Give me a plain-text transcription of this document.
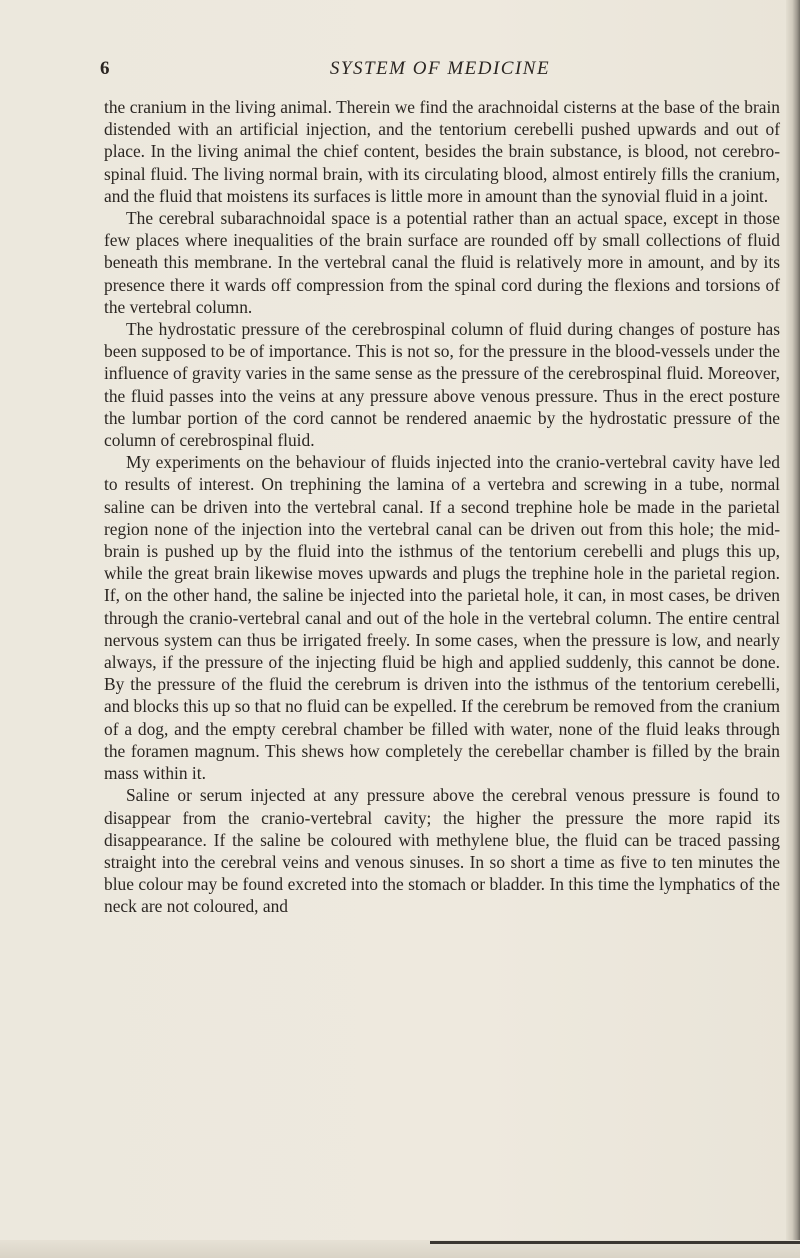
6	SYSTEM OF MEDICINE

the cranium in the living animal. Therein we find the arachnoidal cisterns at the base of the brain distended with an artificial injection, and the tentorium cerebelli pushed upwards and out of place. In the living animal the chief content, besides the brain substance, is blood, not cerebro-spinal fluid. The living normal brain, with its circulating blood, almost entirely fills the cranium, and the fluid that moistens its surfaces is little more in amount than the synovial fluid in a joint.

The cerebral subarachnoidal space is a potential rather than an actual space, except in those few places where inequalities of the brain surface are rounded off by small collections of fluid beneath this membrane. In the vertebral canal the fluid is relatively more in amount, and by its presence there it wards off compression from the spinal cord during the flexions and torsions of the vertebral column.

The hydrostatic pressure of the cerebrospinal column of fluid during changes of posture has been supposed to be of importance. This is not so, for the pressure in the blood-vessels under the influence of gravity varies in the same sense as the pressure of the cerebrospinal fluid. Moreover, the fluid passes into the veins at any pressure above venous pressure. Thus in the erect posture the lumbar portion of the cord cannot be rendered anaemic by the hydrostatic pressure of the column of cerebrospinal fluid.

My experiments on the behaviour of fluids injected into the cranio-vertebral cavity have led to results of interest. On trephining the lamina of a vertebra and screwing in a tube, normal saline can be driven into the vertebral canal. If a second trephine hole be made in the parietal region none of the injection into the vertebral canal can be driven out from this hole; the mid-brain is pushed up by the fluid into the isthmus of the tentorium cerebelli and plugs this up, while the great brain likewise moves upwards and plugs the trephine hole in the parietal region. If, on the other hand, the saline be injected into the parietal hole, it can, in most cases, be driven through the cranio-vertebral canal and out of the hole in the vertebral column. The entire central nervous system can thus be irrigated freely. In some cases, when the pressure is low, and nearly always, if the pressure of the injecting fluid be high and applied suddenly, this cannot be done. By the pressure of the fluid the cerebrum is driven into the isthmus of the tentorium cerebelli, and blocks this up so that no fluid can be expelled. If the cerebrum be removed from the cranium of a dog, and the empty cerebral chamber be filled with water, none of the fluid leaks through the foramen magnum. This shews how completely the cerebellar chamber is filled by the brain mass within it.

Saline or serum injected at any pressure above the cerebral venous pressure is found to disappear from the cranio-vertebral cavity; the higher the pressure the more rapid its disappearance. If the saline be coloured with methylene blue, the fluid can be traced passing straight into the cerebral veins and venous sinuses. In so short a time as five to ten minutes the blue colour may be found excreted into the stomach or bladder. In this time the lymphatics of the neck are not coloured, and
